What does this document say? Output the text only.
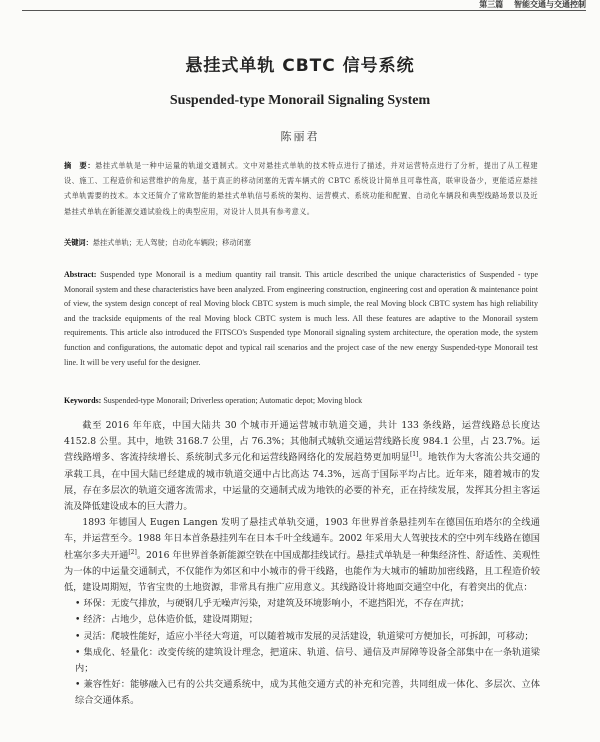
第三篇 智能交通与交通控制
悬挂式单轨 CBTC 信号系统
Suspended-type Monorail Signaling System
陈丽君
摘　要：悬挂式单轨是一种中运量的轨道交通制式。文中对悬挂式单轨的技术特点进行了描述，并对运营特点进行了分析，提出了从工程建设、施工、工程造价和运营维护的角度，基于真正的移动闭塞的无需车辆式的 CBTC 系统设计简单且可靠性高，联审设备少，更能适应悬挂式单轨需要的技术。本文还简介了常欧智能的悬挂式单轨信号系统的架构、运营模式、系统功能和配置、自动化车辆段和典型线路场景以及近悬挂式单轨在新能源交通试验线上的典型应用，对设计人员具有参考意义。
关键词：悬挂式单轨；无人驾驶；自动化车辆段；移动闭塞
Abstract: Suspended type Monorail is a medium quantity rail transit. This article described the unique characteristics of Suspended - type Monorail system and these characteristics have been analyzed. From engineering construction, engineering cost and operation & maintenance point of view, the system design concept of real Moving block CBTC system is much simple, the real Moving block CBTC system has high reliability and the trackside equipments of the real Moving block CBTC system is much less. All these features are adaptive to the Monorail system requirements. This article also introduced the FITSCO's Suspended type Monorail signaling system architecture, the operation mode, the system function and configurations, the automatic depot and typical rail scenarios and the project case of the new energy Suspended-type Monorail test line. It will be very useful for the designer.
Keywords: Suspended-type Monorail; Driverless operation; Automatic depot; Moving block

截至 2016 年年底，中国大陆共 30 个城市开通运营城市轨道交通，共计 133 条线路，运营线路总长度达 4152.8 公里。其中，地铁 3168.7 公里，占 76.3%；其他制式城轨交通运营线路长度 984.1 公里，占 23.7%。运营线路增多、客流持续增长、系统制式多元化和运营线路网络化的发展趋势更加明显[1]。地铁作为大客流公共交通的承载工具，在中国大陆已经建成的城市轨道交通中占比高达 74.3%，远高于国际平均占比。近年来，随着城市的发展，存在多层次的轨道交通客流需求，中运量的交通制式成为地铁的必要的补充，正在持续发展，发挥其分担主客运流及降低建设成本的巨大潜力。

1893 年德国人 Eugen Langen 发明了悬挂式单轨交通，1903 年世界首条悬挂列车在德国伍珀塔尔的全线通车，并运营至今。1988 年日本首条悬挂列车在日本千叶全线通车。2002 年采用大人驾驶技术的空中列车线路在德国杜塞尔多夫开通[2]。2016 年世界首条新能源空铁在中国成都挂线试行。悬挂式单轨是一种集经济性、舒适性、美观性为一体的中运量交通制式，不仅能作为郊区和中小城市的骨干线路，也能作为大城市的辅助加密线路，且工程造价较低，建设周期短，节省宝贵的土地资源，非常具有推广应用意义。其线路设计将地面交通空中化，有着突出的优点：

• 环保：无废气排放，与硬钢几乎无噪声污染，对建筑及环境影响小，不遮挡阳光，不存在声扰；

• 经济：占地少，总体造价低，建设周期短；

• 灵活：爬坡性能好，适应小半径大弯道，可以随着城市发展的灵活建设，轨道梁可方便加长，可拆卸，可移动；

• 集成化、轻量化：改变传统的建筑设计理念，把道床、轨道、信号、通信及声屏障等设备全部集中在一条轨道梁内；

• 兼容性好：能够融入已有的公共交通系统中，成为其他交通方式的补充和完善，共同组成一体化、多层次、立体综合交通体系。
